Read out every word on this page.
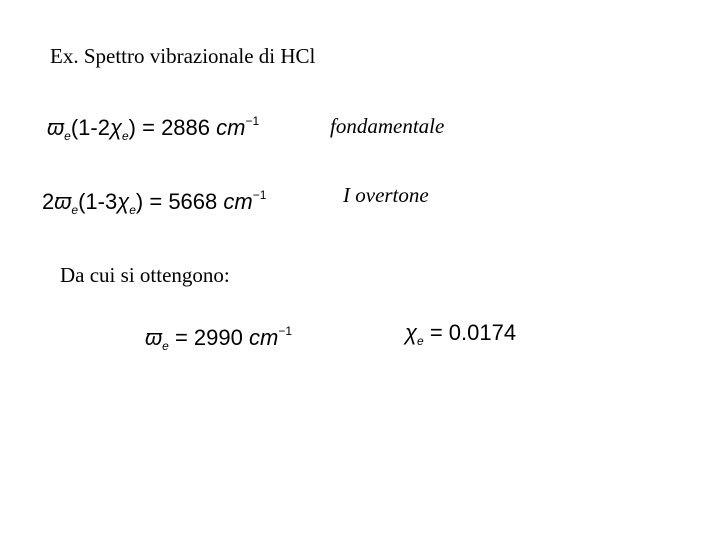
Ex. Spettro vibrazionale di HCl
$ϖ_e(1-2\chi_e) = 2886$ $cm^{-1}$	fondamentale
$2ϖ_e(1-3\chi_e) = 5668$ $cm^{-1}$	I overtone
Da cui si ottengono:
$ϖ_e = 2990$ $cm^{-1}$	$\chi_e = 0.0174$
